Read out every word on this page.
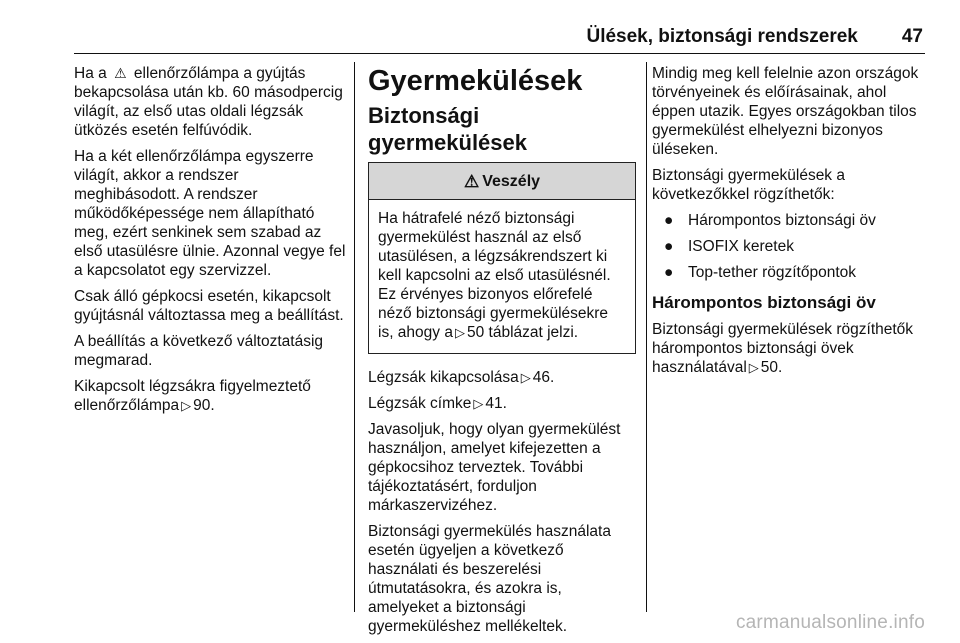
Ülések, biztonsági rendszerek 47

Ha a ⚠︎ ellenőrzőlámpa a gyújtás bekapcsolása után kb. 60 másodpercig világít, az első utas oldali légzsák ütközés esetén felfúvódik.

Ha a két ellenőrzőlámpa egyszerre világít, akkor a rendszer meghibásodott. A rendszer működőképessége nem állapítható meg, ezért senkinek sem szabad az első utasülésre ülnie. Azonnal vegye fel a kapcsolatot egy szervizzel.

Csak álló gépkocsi esetén, kikapcsolt gyújtásnál változtassa meg a beállítást.

A beállítás a következő változtatásig megmarad.

Kikapcsolt légzsákra figyelmeztető ellenőrzőlámpa ▷ 90.

Gyermekülések
Biztonsági gyermekülések
⚠ Veszély
Ha hátrafelé néző biztonsági gyermekülést használ az első utasülésen, a légzsákrendszert ki kell kapcsolni az első utasülésnél. Ez érvényes bizonyos előrefelé néző biztonsági gyermekülésekre is, ahogy a ▷ 50 táblázat jelzi.

Légzsák kikapcsolása ▷ 46.

Légzsák címke ▷ 41.

Javasoljuk, hogy olyan gyermekülést használjon, amelyet kifejezetten a gépkocsihoz terveztek. További tájékoztatásért, forduljon márkaszervizéhez.

Biztonsági gyermekülés használata esetén ügyeljen a következő használati és beszerelési útmutatásokra, és azokra is, amelyeket a biztonsági gyermeküléshez mellékeltek.

Mindig meg kell felelnie azon országok törvényeinek és előírásainak, ahol éppen utazik. Egyes országokban tilos gyermekülést elhelyezni bizonyos üléseken.

Biztonsági gyermekülések a következőkkel rögzíthetők:

● Hárompontos biztonsági öv
● ISOFIX keretek
● Top-tether rögzítőpontok
Hárompontos biztonsági öv

Biztonsági gyermekülések rögzíthetők hárompontos biztonsági övek használatával ▷ 50.

carmanualsonline.info
